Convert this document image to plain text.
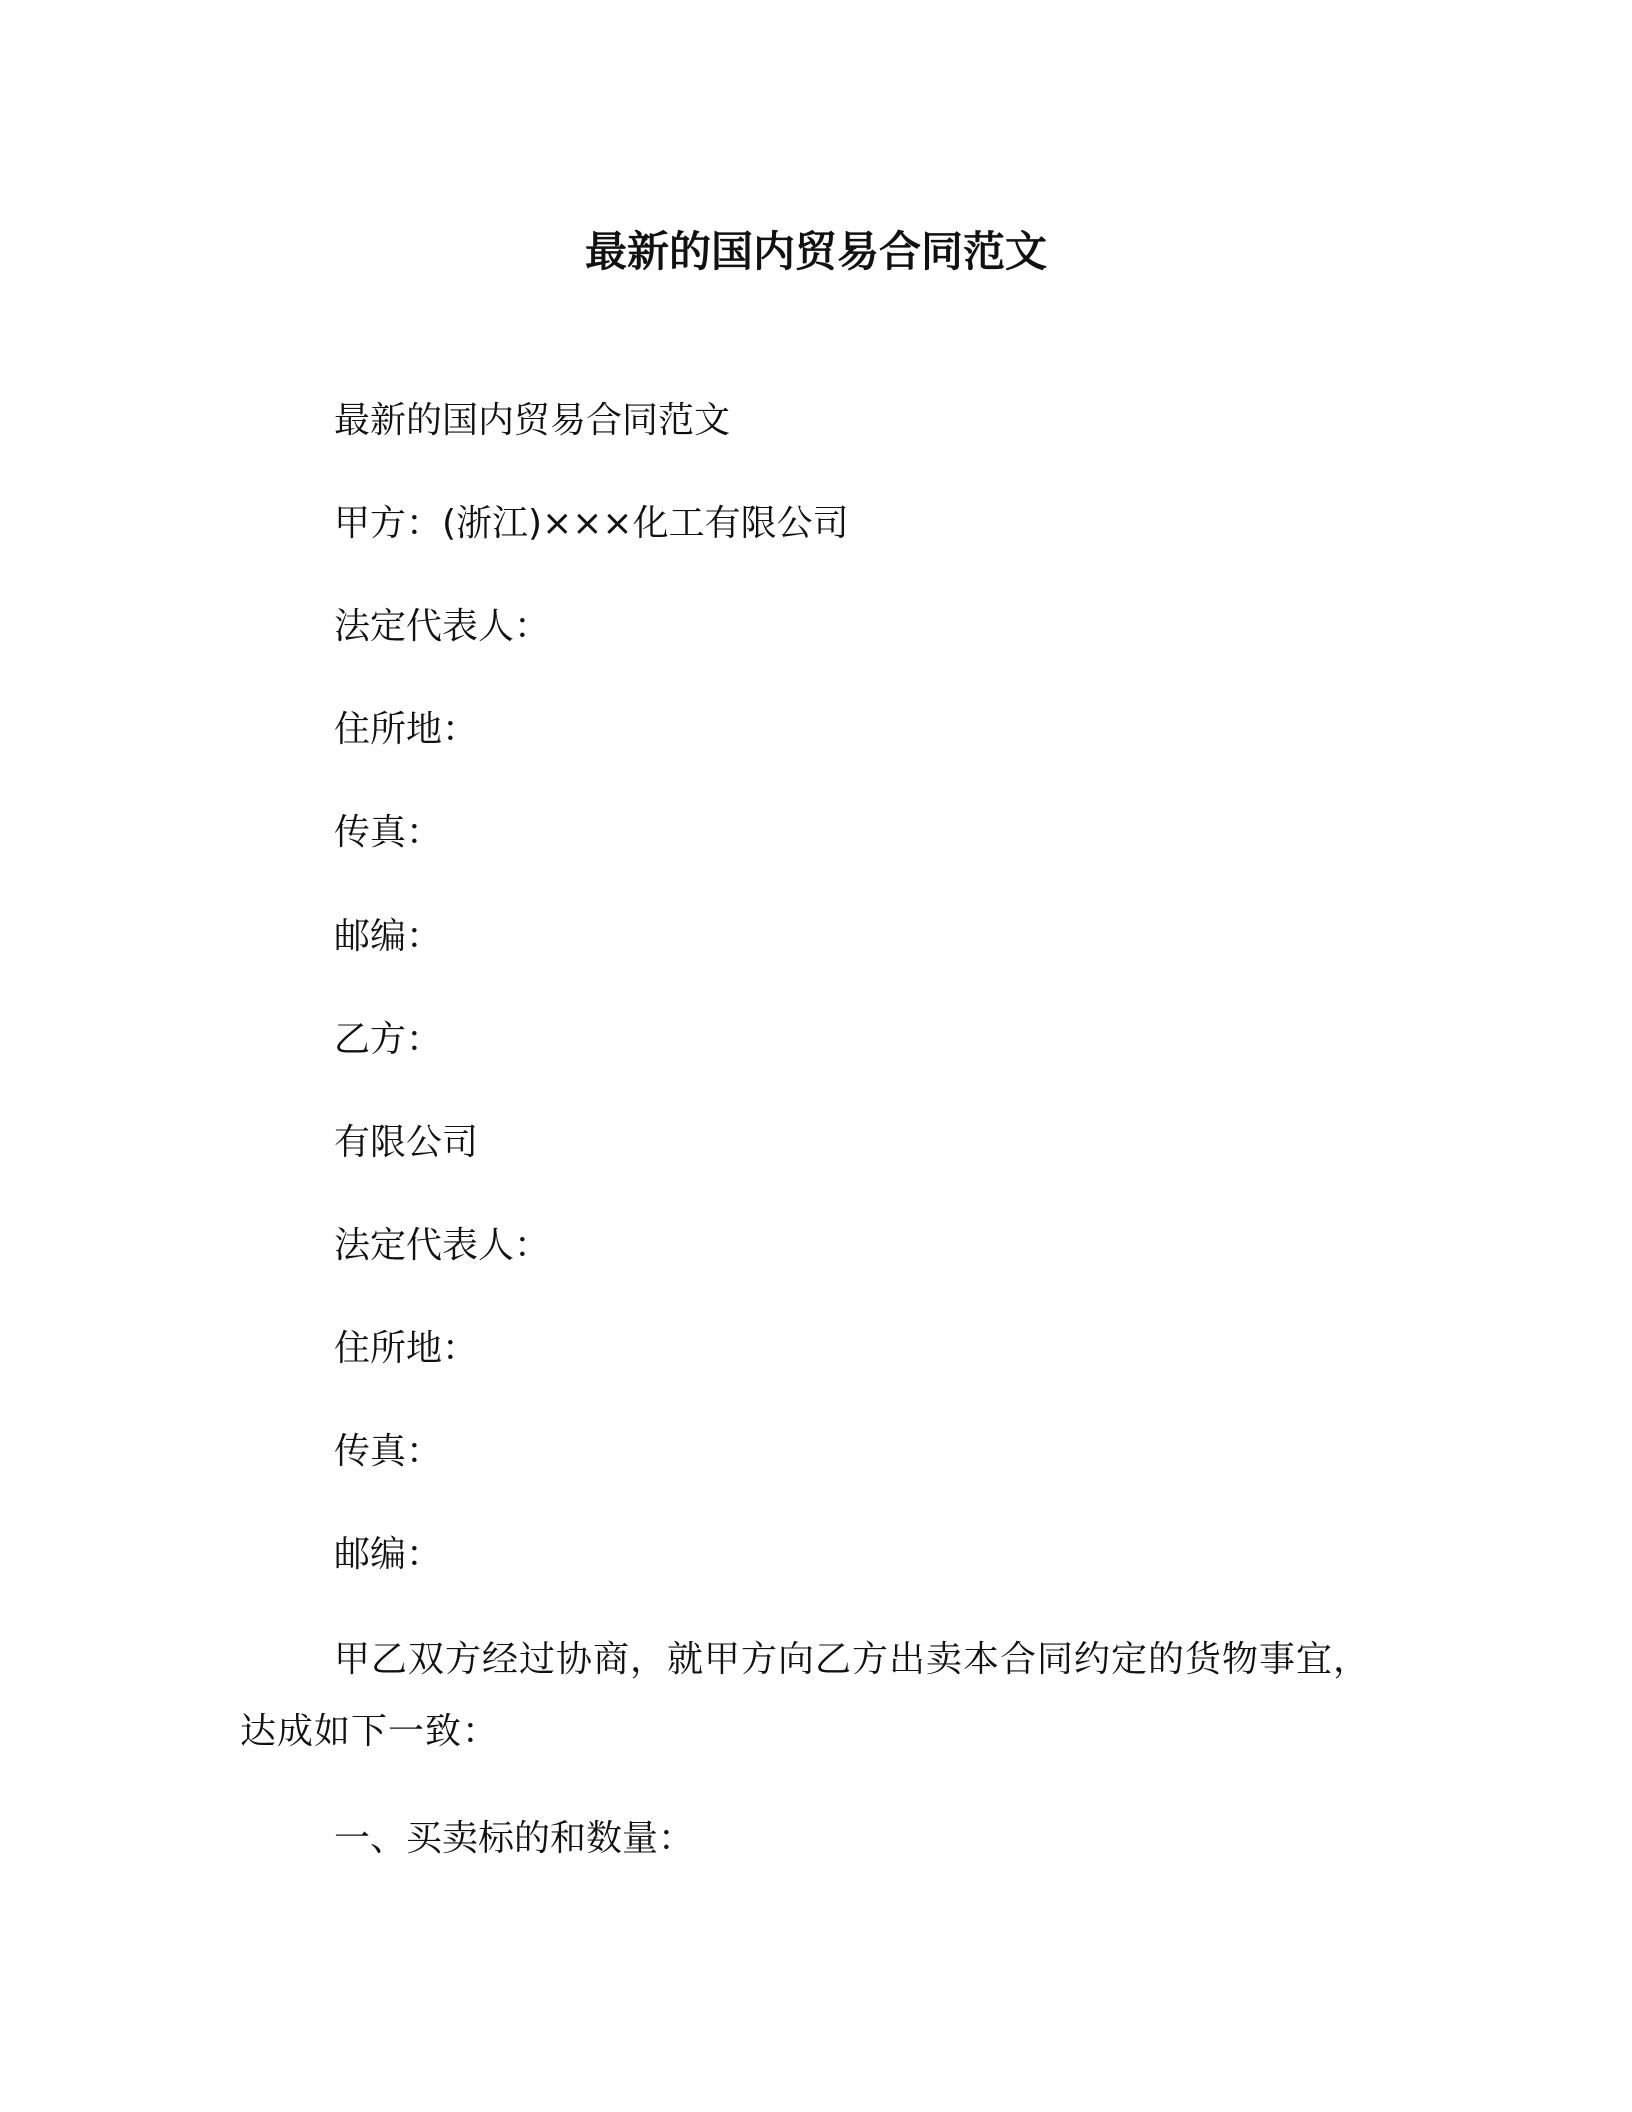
最新的国内贸易合同范文

最新的国内贸易合同范文

甲方：(浙江)×××化工有限公司

法定代表人：

住所地：

传真：

邮编：

乙方：

有限公司

法定代表人：

住所地：

传真：

邮编：

甲乙双方经过协商，就甲方向乙方出卖本合同约定的货物事宜，达成如下一致：

一、买卖标的和数量：
